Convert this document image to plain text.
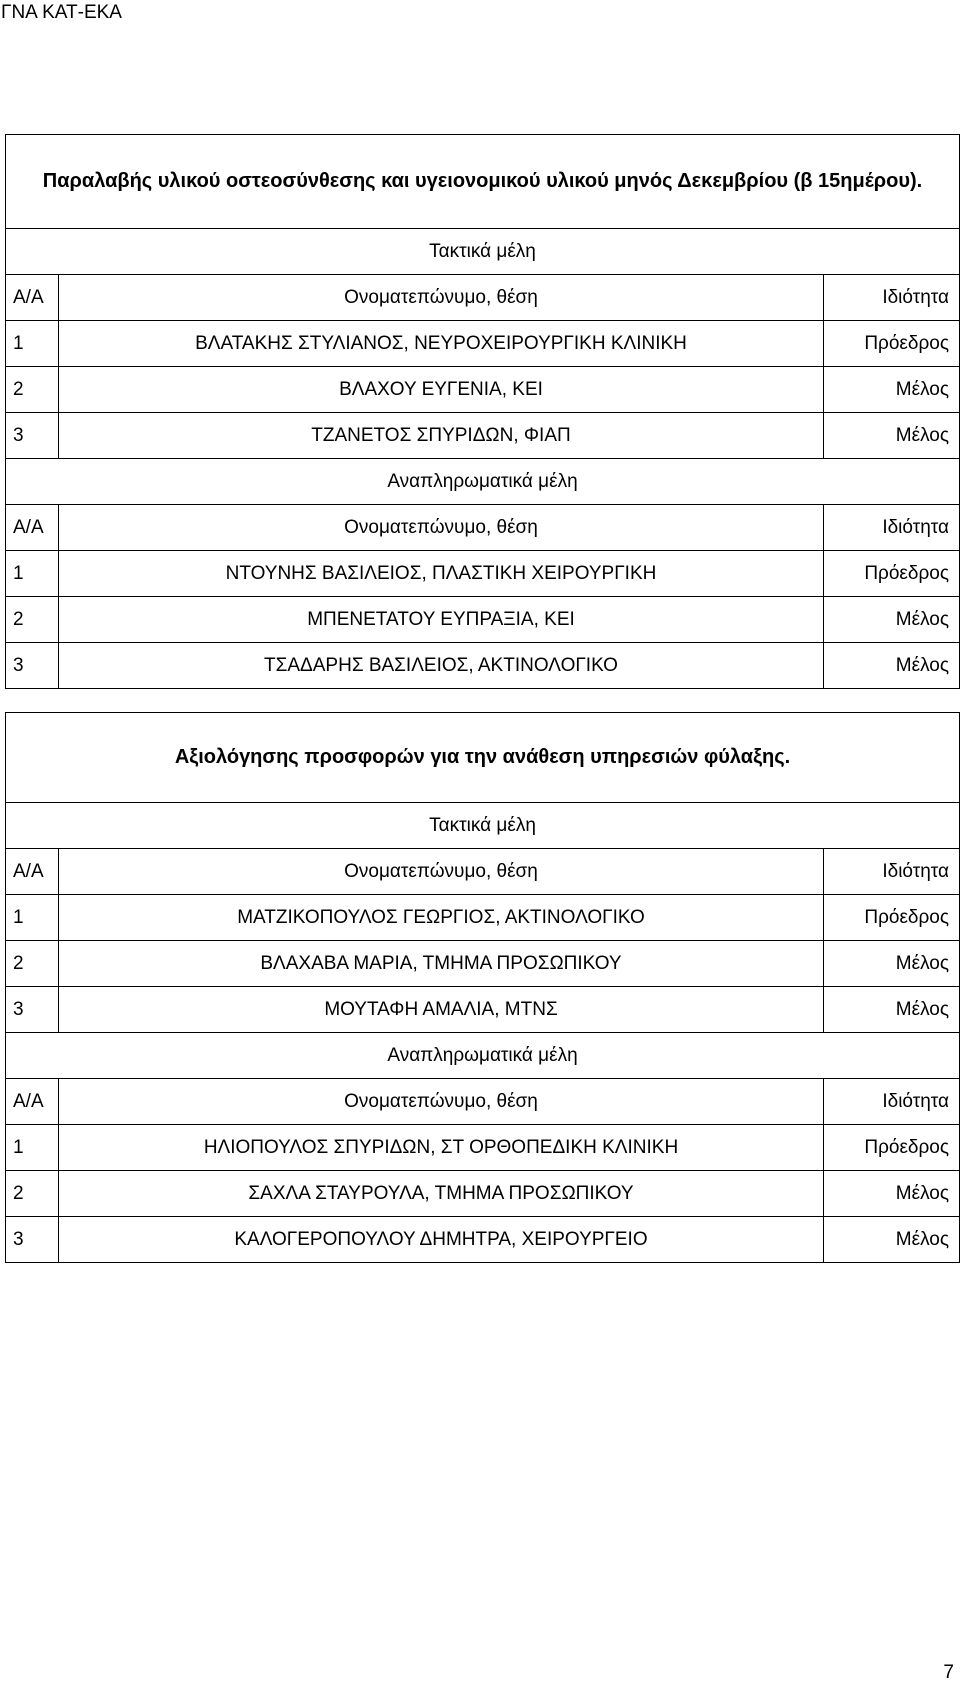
ΓΝΑ ΚΑΤ-ΕΚΑ
Παραλαβής υλικού οστεοσύνθεσης και υγειονομικού υλικού μηνός Δεκεμβρίου (β 15ημέρου).		
Τακτικά μέλη		
Α/Α	Ονοματεπώνυμο, θέση	Ιδιότητα
1	ΒΛΑΤΑΚΗΣ ΣΤΥΛΙΑΝΟΣ, ΝΕΥΡΟΧΕΙΡΟΥΡΓΙΚΗ ΚΛΙΝΙΚΗ	Πρόεδρος
2	ΒΛΑΧΟΥ ΕΥΓΕΝΙΑ, ΚΕΙ	Μέλος
3	ΤΖΑΝΕΤΟΣ ΣΠΥΡΙΔΩΝ, ΦΙΑΠ	Μέλος
Αναπληρωματικά μέλη		
Α/Α	Ονοματεπώνυμο, θέση	Ιδιότητα
1	ΝΤΟΥΝΗΣ ΒΑΣΙΛΕΙΟΣ, ΠΛΑΣΤΙΚΗ ΧΕΙΡΟΥΡΓΙΚΗ	Πρόεδρος
2	ΜΠΕΝΕΤΑΤΟΥ ΕΥΠΡΑΞΙΑ, ΚΕΙ	Μέλος
3	ΤΣΑΔΑΡΗΣ ΒΑΣΙΛΕΙΟΣ, ΑΚΤΙΝΟΛΟΓΙΚΟ	Μέλος
Αξιολόγησης προσφορών για την ανάθεση υπηρεσιών φύλαξης.		
Τακτικά μέλη		
Α/Α	Ονοματεπώνυμο, θέση	Ιδιότητα
1	ΜΑΤΖΙΚΟΠΟΥΛΟΣ ΓΕΩΡΓΙΟΣ, ΑΚΤΙΝΟΛΟΓΙΚΟ	Πρόεδρος
2	ΒΛΑΧΑΒΑ ΜΑΡΙΑ, ΤΜΗΜΑ ΠΡΟΣΩΠΙΚΟΥ	Μέλος
3	ΜΟΥΤΑΦΗ ΑΜΑΛΙΑ, ΜΤΝΣ	Μέλος
Αναπληρωματικά μέλη		
Α/Α	Ονοματεπώνυμο, θέση	Ιδιότητα
1	ΗΛΙΟΠΟΥΛΟΣ ΣΠΥΡΙΔΩΝ, ΣΤ ΟΡΘΟΠΕΔΙΚΗ ΚΛΙΝΙΚΗ	Πρόεδρος
2	ΣΑΧΛΑ ΣΤΑΥΡΟΥΛΑ, ΤΜΗΜΑ ΠΡΟΣΩΠΙΚΟΥ	Μέλος
3	ΚΑΛΟΓΕΡΟΠΟΥΛΟΥ ΔΗΜΗΤΡΑ, ΧΕΙΡΟΥΡΓΕΙΟ	Μέλος
7
